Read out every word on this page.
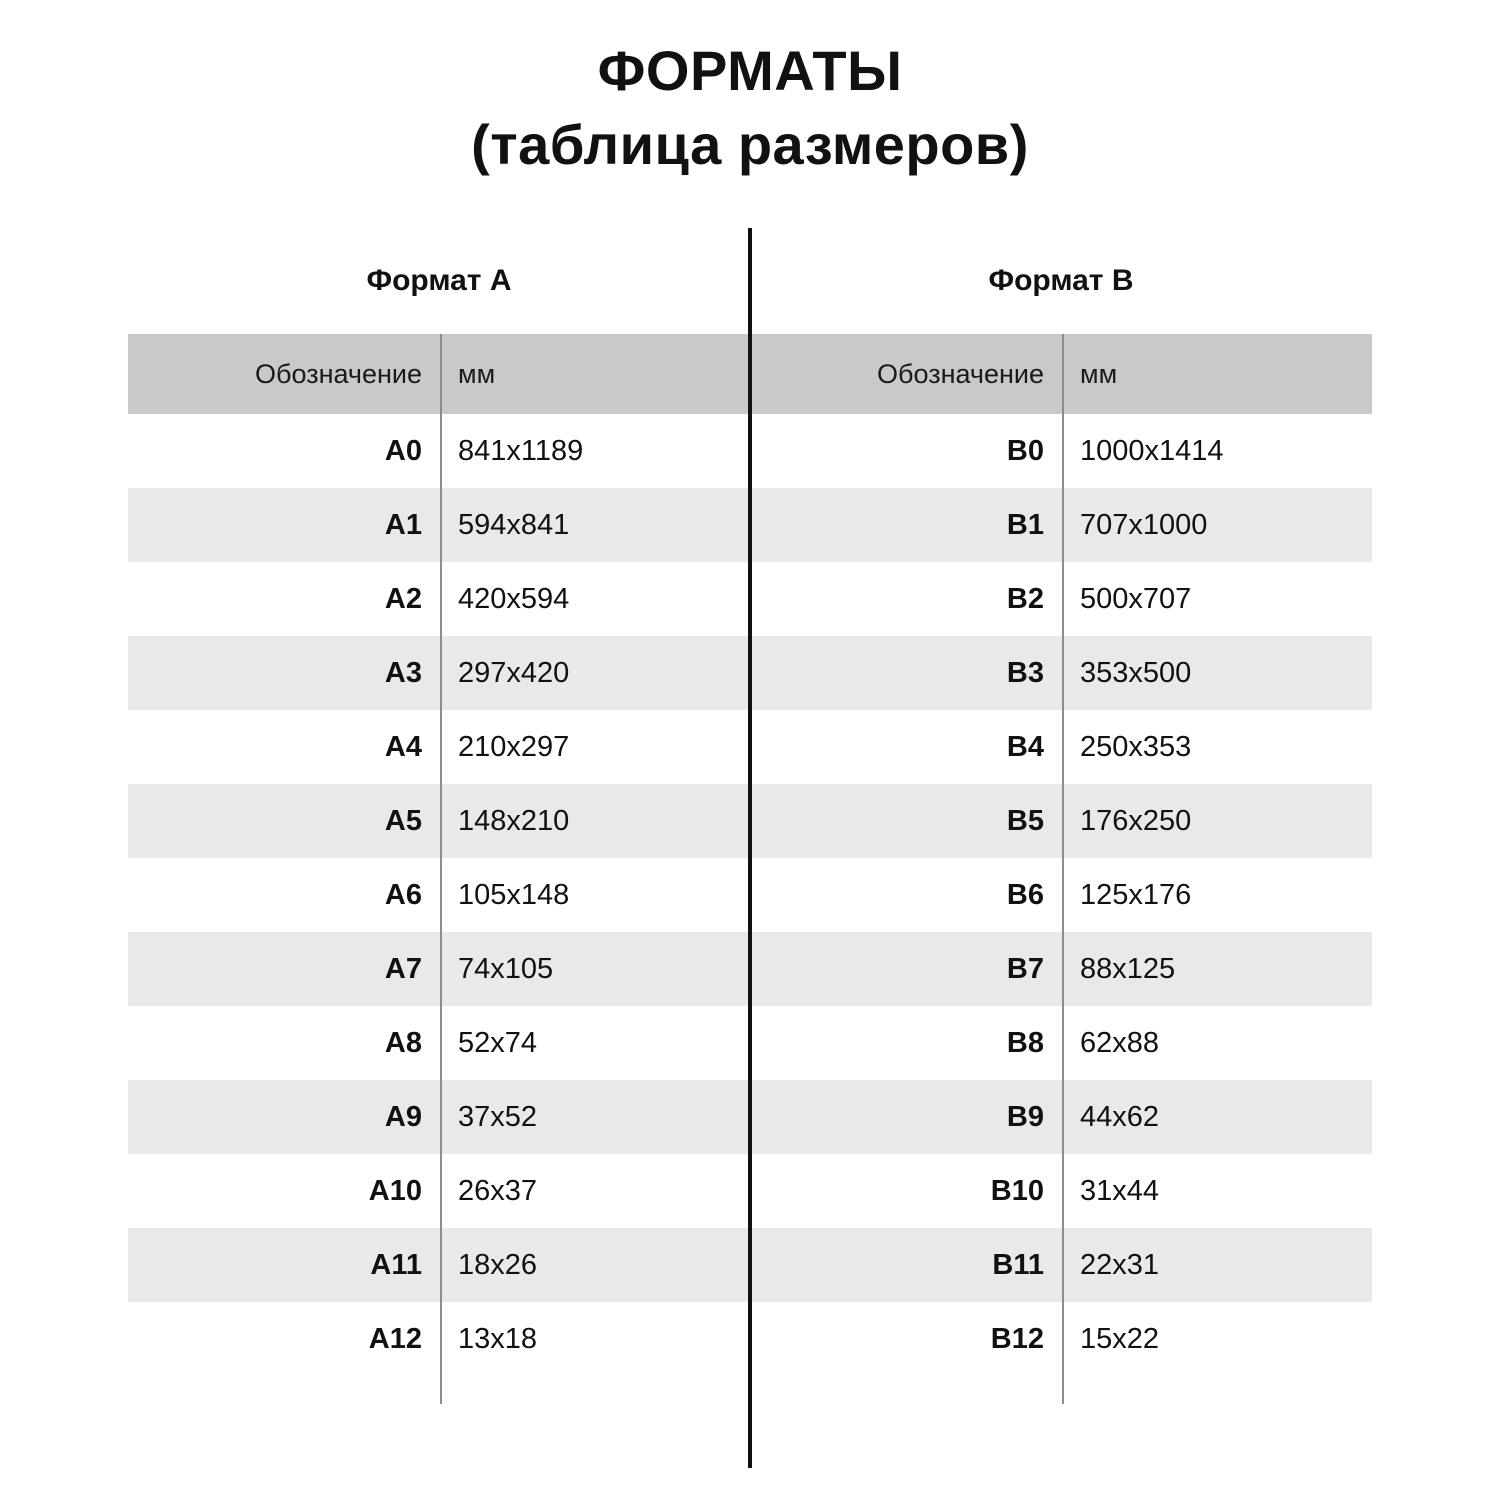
ФОРМАТЫ
(таблица размеров)
Формат A	Формат B
Обозначение	мм	Обозначение	мм
A0	841x1189	B0	1000x1414
A1	594x841	B1	707x1000
A2	420x594	B2	500x707
A3	297x420	B3	353x500
A4	210x297	B4	250x353
A5	148x210	B5	176x250
A6	105x148	B6	125x176
A7	74x105	B7	88x125
A8	52x74	B8	62x88
A9	37x52	B9	44x62
A10	26x37	B10	31x44
A11	18x26	B11	22x31
A12	13x18	B12	15x22
